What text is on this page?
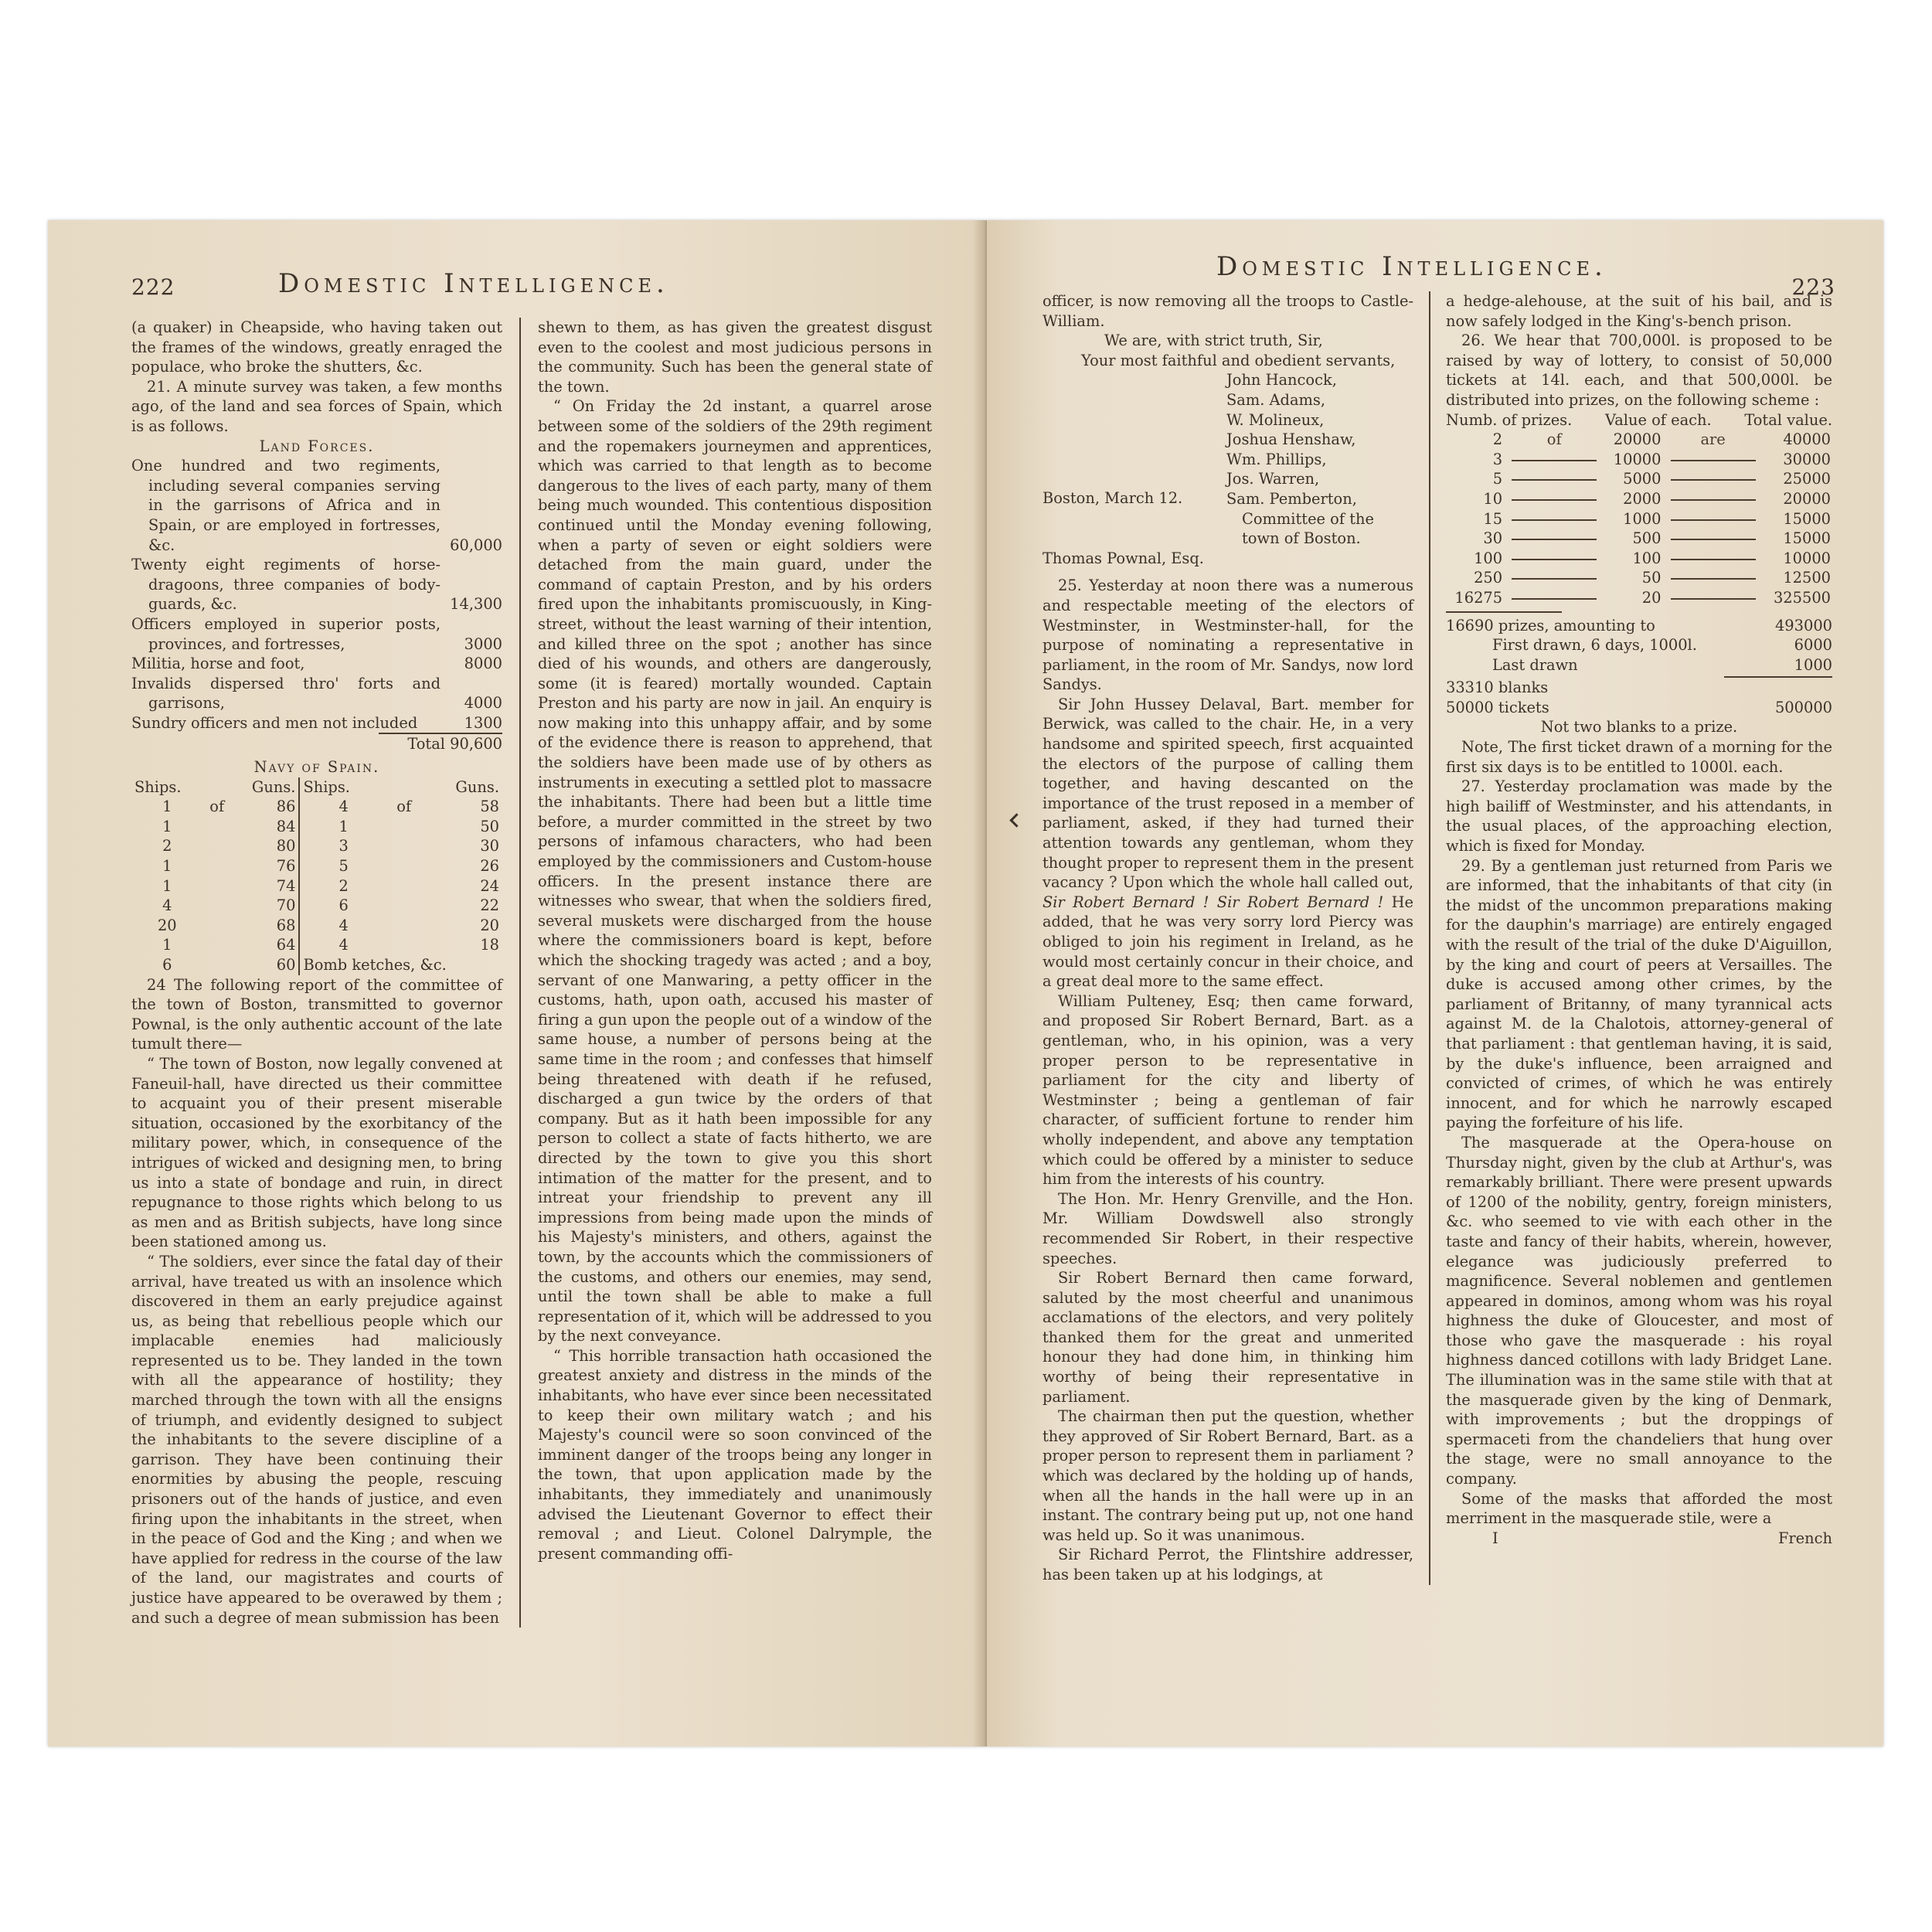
222	Domestic Intelligence.

(a quaker) in Cheapside, who having taken out the frames of the windows, greatly enraged the populace, who broke the shutters, &c.

21. A minute survey was taken, a few months ago, of the land and sea forces of Spain, which is as follows.

Land Forces.

One hundred and two regiments, including several companies serving in the garrisons of Africa and in Spain, or are employed in fortresses, &c.	60,000
Twenty eight regiments of horse-dragoons, three companies of body-guards, &c.	14,300
Officers employed in superior posts, provinces, and fortresses,	3000
Militia, horse and foot,	8000
Invalids dispersed thro' forts and garrisons,	4000
Sundry officers and men not included	1300
Total 90,600

Navy of Spain.

Ships.		Guns.	Ships.		Guns.
1	of	86	4	of	58
1		84	1		50
2		80	3		30
1		76	5		26
1		74	2		24
4		70	6		22
20		68	4		20
1		64	4		18
6		60	Bomb ketches, &c.		

24 The following report of the committee of the town of Boston, transmitted to governor Pownal, is the only authentic account of the late tumult there—

“ The town of Boston, now legally convened at Faneuil-hall, have directed us their committee to acquaint you of their present miserable situation, occasioned by the exorbitancy of the military power, which, in consequence of the intrigues of wicked and designing men, to bring us into a state of bondage and ruin, in direct repugnance to those rights which belong to us as men and as British subjects, have long since been stationed among us.

“ The soldiers, ever since the fatal day of their arrival, have treated us with an insolence which discovered in them an early prejudice against us, as being that rebellious people which our implacable enemies had maliciously represented us to be. They landed in the town with all the appearance of hostility; they marched through the town with all the ensigns of triumph, and evidently designed to subject the inhabitants to the severe discipline of a garrison. They have been continuing their enormities by abusing the people, rescuing prisoners out of the hands of justice, and even firing upon the inhabitants in the street, when in the peace of God and the King ; and when we have applied for redress in the course of the law of the land, our magistrates and courts of justice have appeared to be overawed by them ; and such a degree of mean submission has been

shewn to them, as has given the greatest disgust even to the coolest and most judicious persons in the community. Such has been the general state of the town.

“ On Friday the 2d instant, a quarrel arose between some of the soldiers of the 29th regiment and the ropemakers journeymen and apprentices, which was carried to that length as to become dangerous to the lives of each party, many of them being much wounded. This contentious disposition continued until the Monday evening following, when a party of seven or eight soldiers were detached from the main guard, under the command of captain Preston, and by his orders fired upon the inhabitants promiscuously, in King-street, without the least warning of their intention, and killed three on the spot ; another has since died of his wounds, and others are dangerously, some (it is feared) mortally wounded. Captain Preston and his party are now in jail. An enquiry is now making into this unhappy affair, and by some of the evidence there is reason to apprehend, that the soldiers have been made use of by others as instruments in executing a settled plot to massacre the inhabitants. There had been but a little time before, a murder committed in the street by two persons of infamous characters, who had been employed by the commissioners and Custom-house officers. In the present instance there are witnesses who swear, that when the soldiers fired, several muskets were discharged from the house where the commissioners board is kept, before which the shocking tragedy was acted ; and a boy, servant of one Manwaring, a petty officer in the customs, hath, upon oath, accused his master of firing a gun upon the people out of a window of the same house, a number of persons being at the same time in the room ; and confesses that himself being threatened with death if he refused, discharged a gun twice by the orders of that company. But as it hath been impossible for any person to collect a state of facts hitherto, we are directed by the town to give you this short intimation of the matter for the present, and to intreat your friendship to prevent any ill impressions from being made upon the minds of his Majesty's ministers, and others, against the town, by the accounts which the commissioners of the customs, and others our enemies, may send, until the town shall be able to make a full representation of it, which will be addressed to you by the next conveyance.

“ This horrible transaction hath occasioned the greatest anxiety and distress in the minds of the inhabitants, who have ever since been necessitated to keep their own military watch ; and his Majesty's council were so soon convinced of the imminent danger of the troops being any longer in the town, that upon application made by the inhabitants, they immediately and unanimously advised the Lieutenant Governor to effect their removal ; and Lieut. Colonel Dalrymple, the present commanding offi-

Domestic Intelligence.
223

officer, is now removing all the troops to Castle-William.

We are, with strict truth, Sir,

Your most faithful and obedient servants,

John Hancock,
Sam. Adams,
W. Molineux,
Joshua Henshaw,
Wm. Phillips,
Jos. Warren,
Sam. Pemberton,
Committee of the
town of Boston.
Boston, March 12.

Thomas Pownal, Esq.

25. Yesterday at noon there was a numerous and respectable meeting of the electors of Westminster, in Westminster-hall, for the purpose of nominating a representative in parliament, in the room of Mr. Sandys, now lord Sandys.

Sir John Hussey Delaval, Bart. member for Berwick, was called to the chair. He, in a very handsome and spirited speech, first acquainted the electors of the purpose of calling them together, and having descanted on the importance of the trust reposed in a member of parliament, asked, if they had turned their attention towards any gentleman, whom they thought proper to represent them in the present vacancy ? Upon which the whole hall called out, Sir Robert Bernard ! Sir Robert Bernard ! He added, that he was very sorry lord Piercy was obliged to join his regiment in Ireland, as he would most certainly concur in their choice, and a great deal more to the same effect.

William Pulteney, Esq; then came forward, and proposed Sir Robert Bernard, Bart. as a gentleman, who, in his opinion, was a very proper person to be representative in parliament for the city and liberty of Westminster ; being a gentleman of fair character, of sufficient fortune to render him wholly independent, and above any temptation which could be offered by a minister to seduce him from the interests of his country.

The Hon. Mr. Henry Grenville, and the Hon. Mr. William Dowdswell also strongly recommended Sir Robert, in their respective speeches.

Sir Robert Bernard then came forward, saluted by the most cheerful and unanimous acclamations of the electors, and very politely thanked them for the great and unmerited honour they had done him, in thinking him worthy of being their representative in parliament.

The chairman then put the question, whether they approved of Sir Robert Bernard, Bart. as a proper person to represent them in parliament ? which was declared by the holding up of hands, when all the hands in the hall were up in an instant. The contrary being put up, not one hand was held up. So it was unanimous.

Sir Richard Perrot, the Flintshire addresser, has been taken up at his lodgings, at

a hedge-alehouse, at the suit of his bail, and is now safely lodged in the King's-bench prison.

26. We hear that 700,000l. is proposed to be raised by way of lottery, to consist of 50,000 tickets at 14l. each, and that 500,000l. be distributed into prizes, on the following scheme :

Numb. of prizes. Value of each. Total value.
2	of	20000	are	40000
3		10000		30000
5		5000		25000
10		2000		20000
15		1000		15000
30		500		15000
100		100		10000
250		50		12500
16275		20		325500
16690 prizes, amounting to	493000
First drawn, 6 days, 1000l.	6000
Last drawn	1000
33310 blanks
50000 tickets	500000

Not two blanks to a prize.

Note, The first ticket drawn of a morning for the first six days is to be entitled to 1000l. each.

27. Yesterday proclamation was made by the high bailiff of Westminster, and his attendants, in the usual places, of the approaching election, which is fixed for Monday.

29. By a gentleman just returned from Paris we are informed, that the inhabitants of that city (in the midst of the uncommon preparations making for the dauphin's marriage) are entirely engaged with the result of the trial of the duke D'Aiguillon, by the king and court of peers at Versailles. The duke is accused among other crimes, by the parliament of Britanny, of many tyrannical acts against M. de la Chalotois, attorney-general of that parliament : that gentleman having, it is said, by the duke's influence, been arraigned and convicted of crimes, of which he was entirely innocent, and for which he narrowly escaped paying the forfeiture of his life.

The masquerade at the Opera-house on Thursday night, given by the club at Arthur's, was remarkably brilliant. There were present upwards of 1200 of the nobility, gentry, foreign ministers, &c. who seemed to vie with each other in the taste and fancy of their habits, wherein, however, elegance was judiciously preferred to magnificence. Several noblemen and gentlemen appeared in dominos, among whom was his royal highness the duke of Gloucester, and most of those who gave the masquerade : his royal highness danced cotillons with lady Bridget Lane. The illumination was in the same stile with that at the masquerade given by the king of Denmark, with improvements ; but the droppings of spermaceti from the chandeliers that hung over the stage, were no small annoyance to the company.

Some of the masks that afforded the most merriment in the masquerade stile, were a

I	French
